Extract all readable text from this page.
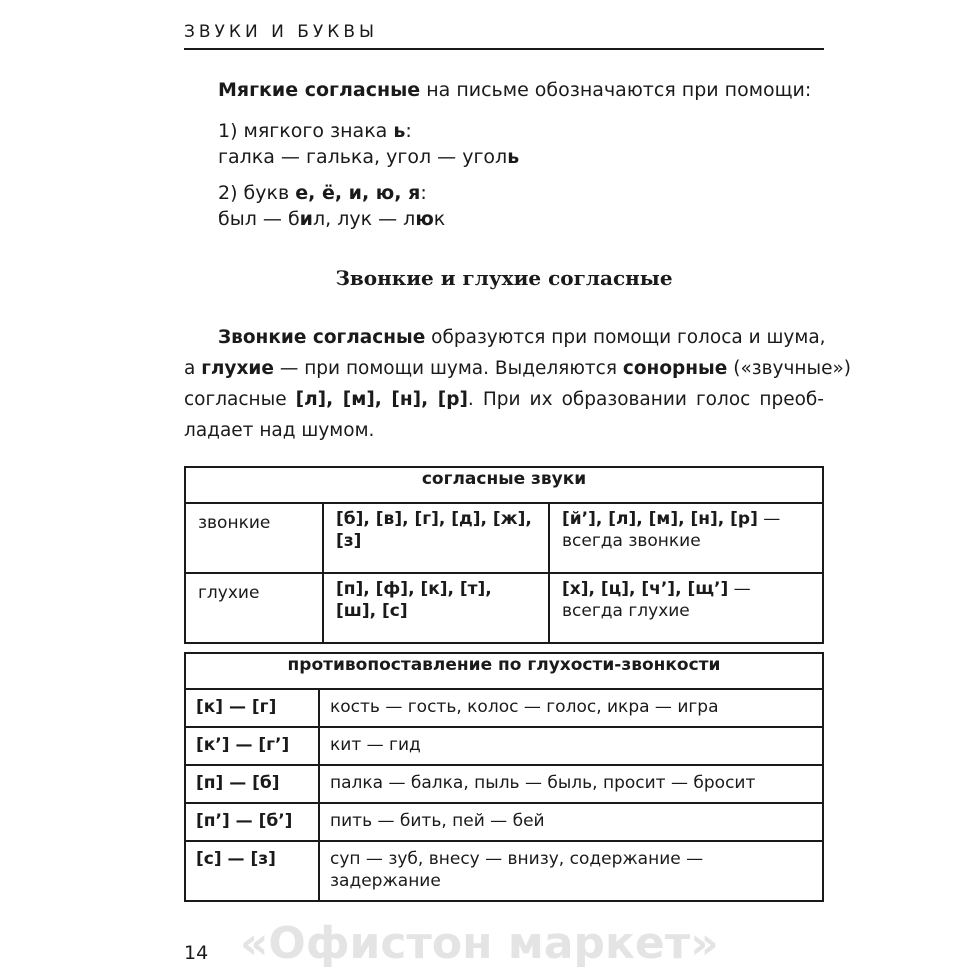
ЗВУКИ И БУКВЫ
Мягкие согласные на письме обозначаются при помощи:
1) мягкого знака ь:
галка — галька, угол — уголь
2) букв е, ё, и, ю, я:
был — бил, лук — люк
Звонкие и глухие согласные
Звонкие согласные образуются при помощи голоса и шума,
а глухие — при помощи шума. Выделяются сонорные («звучные»)
согласные [л], [м], [н], [р]. При их образовании голос преоб-
ладает над шумом.
согласные звуки		
звонкие	[б], [в], [г], [д], [ж], [з]	[й’], [л], [м], [н], [р] — всегда звонкие
глухие	[п], [ф], [к], [т], [ш], [с]	[х], [ц], [ч’], [щ’] — всегда глухие
противопоставление по глухости-звонкости	
[к] — [г]	кость — гость, колос — голос, икра — игра
[к’] — [г’]	кит — гид
[п] — [б]	палка — балка, пыль — быль, просит — бросит
[п’] — [б’]	пить — бить, пей — бей
[с] — [з]	суп — зуб, внесу — внизу, содержание — задержание
«Офистон маркет»
14
